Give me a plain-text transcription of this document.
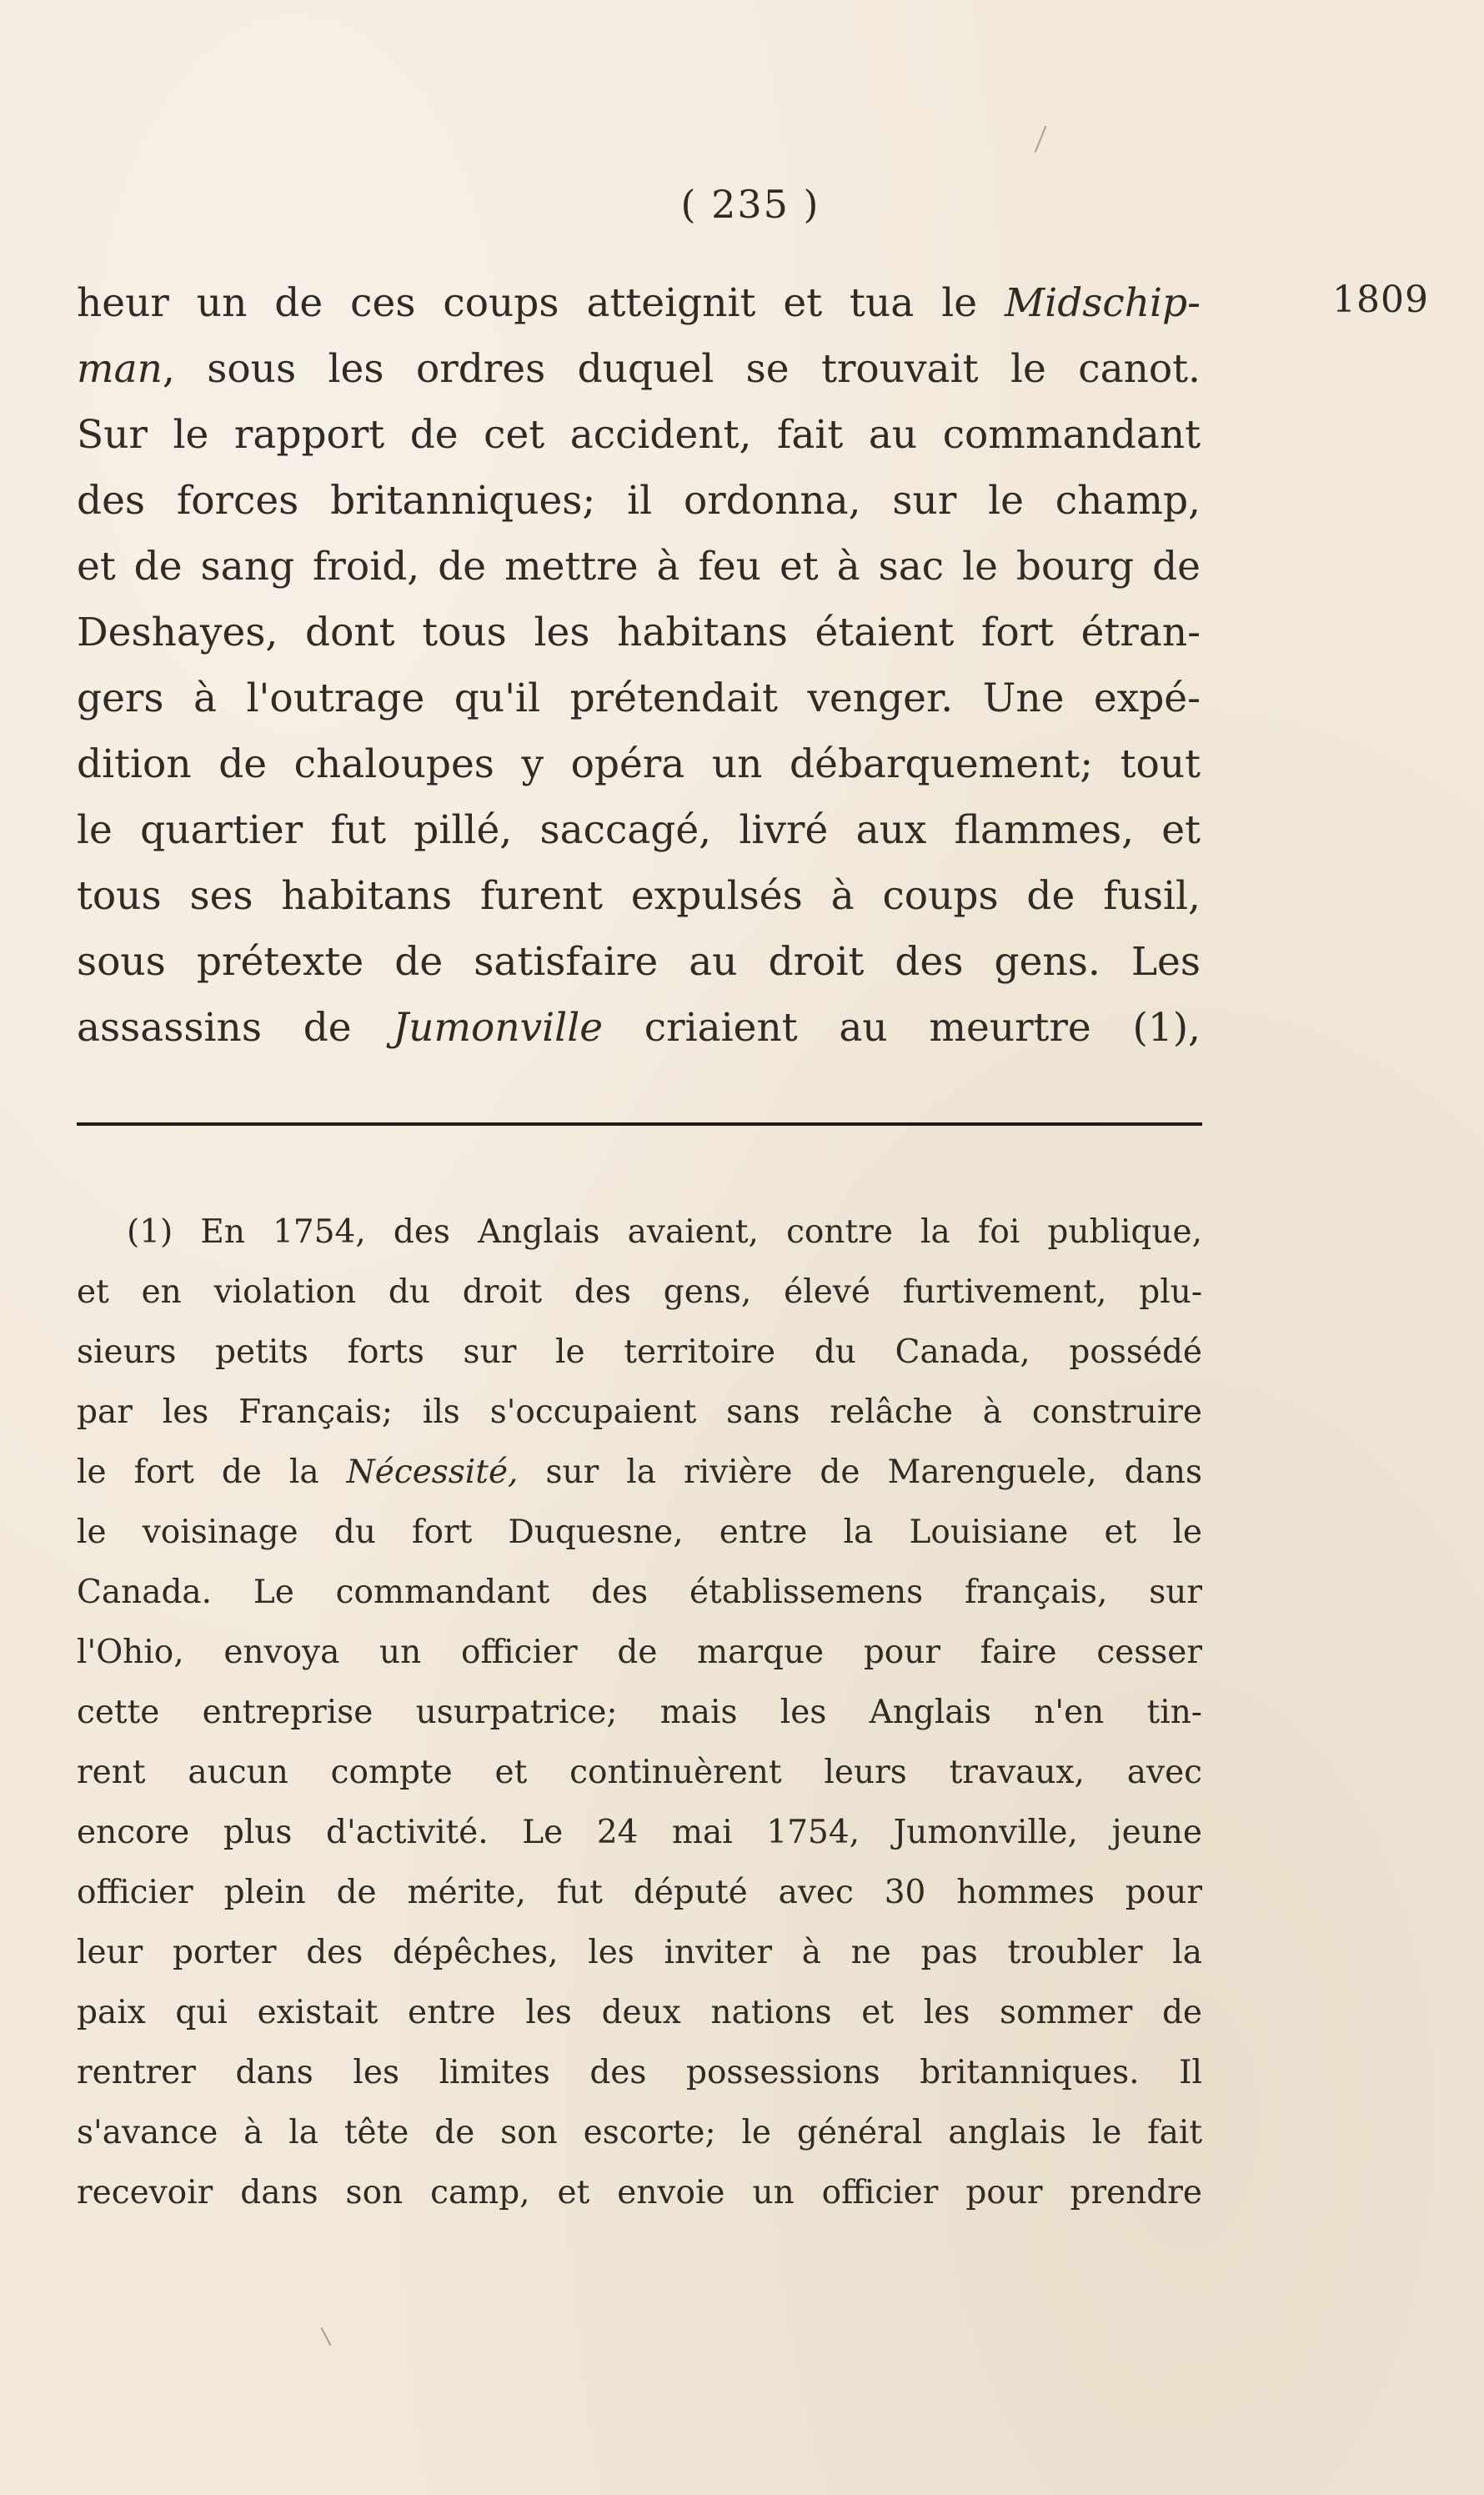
( 235 )
1809
heur un de ces coups atteignit et tua le Midschip-
man, sous les ordres duquel se trouvait le canot.
Sur le rapport de cet accident, fait au commandant
des forces britanniques; il ordonna, sur le champ,
et de sang froid, de mettre à feu et à sac le bourg de
Deshayes, dont tous les habitans étaient fort étran-
gers à l'outrage qu'il prétendait venger. Une expé-
dition de chaloupes y opéra un débarquement; tout
le quartier fut pillé, saccagé, livré aux flammes, et
tous ses habitans furent expulsés à coups de fusil,
sous prétexte de satisfaire au droit des gens. Les
assassins de Jumonville criaient au meurtre (1),
(1) En 1754, des Anglais avaient, contre la foi publique,
et en violation du droit des gens, élevé furtivement, plu-
sieurs petits forts sur le territoire du Canada, possédé
par les Français; ils s'occupaient sans relâche à construire
le fort de la Nécessité, sur la rivière de Marenguele, dans
le voisinage du fort Duquesne, entre la Louisiane et le
Canada. Le commandant des établissemens français, sur
l'Ohio, envoya un officier de marque pour faire cesser
cette entreprise usurpatrice; mais les Anglais n'en tin-
rent aucun compte et continuèrent leurs travaux, avec
encore plus d'activité. Le 24 mai 1754, Jumonville, jeune
officier plein de mérite, fut député avec 30 hommes pour
leur porter des dépêches, les inviter à ne pas troubler la
paix qui existait entre les deux nations et les sommer de
rentrer dans les limites des possessions britanniques. Il
s'avance à la tête de son escorte; le général anglais le fait
recevoir dans son camp, et envoie un officier pour prendre
